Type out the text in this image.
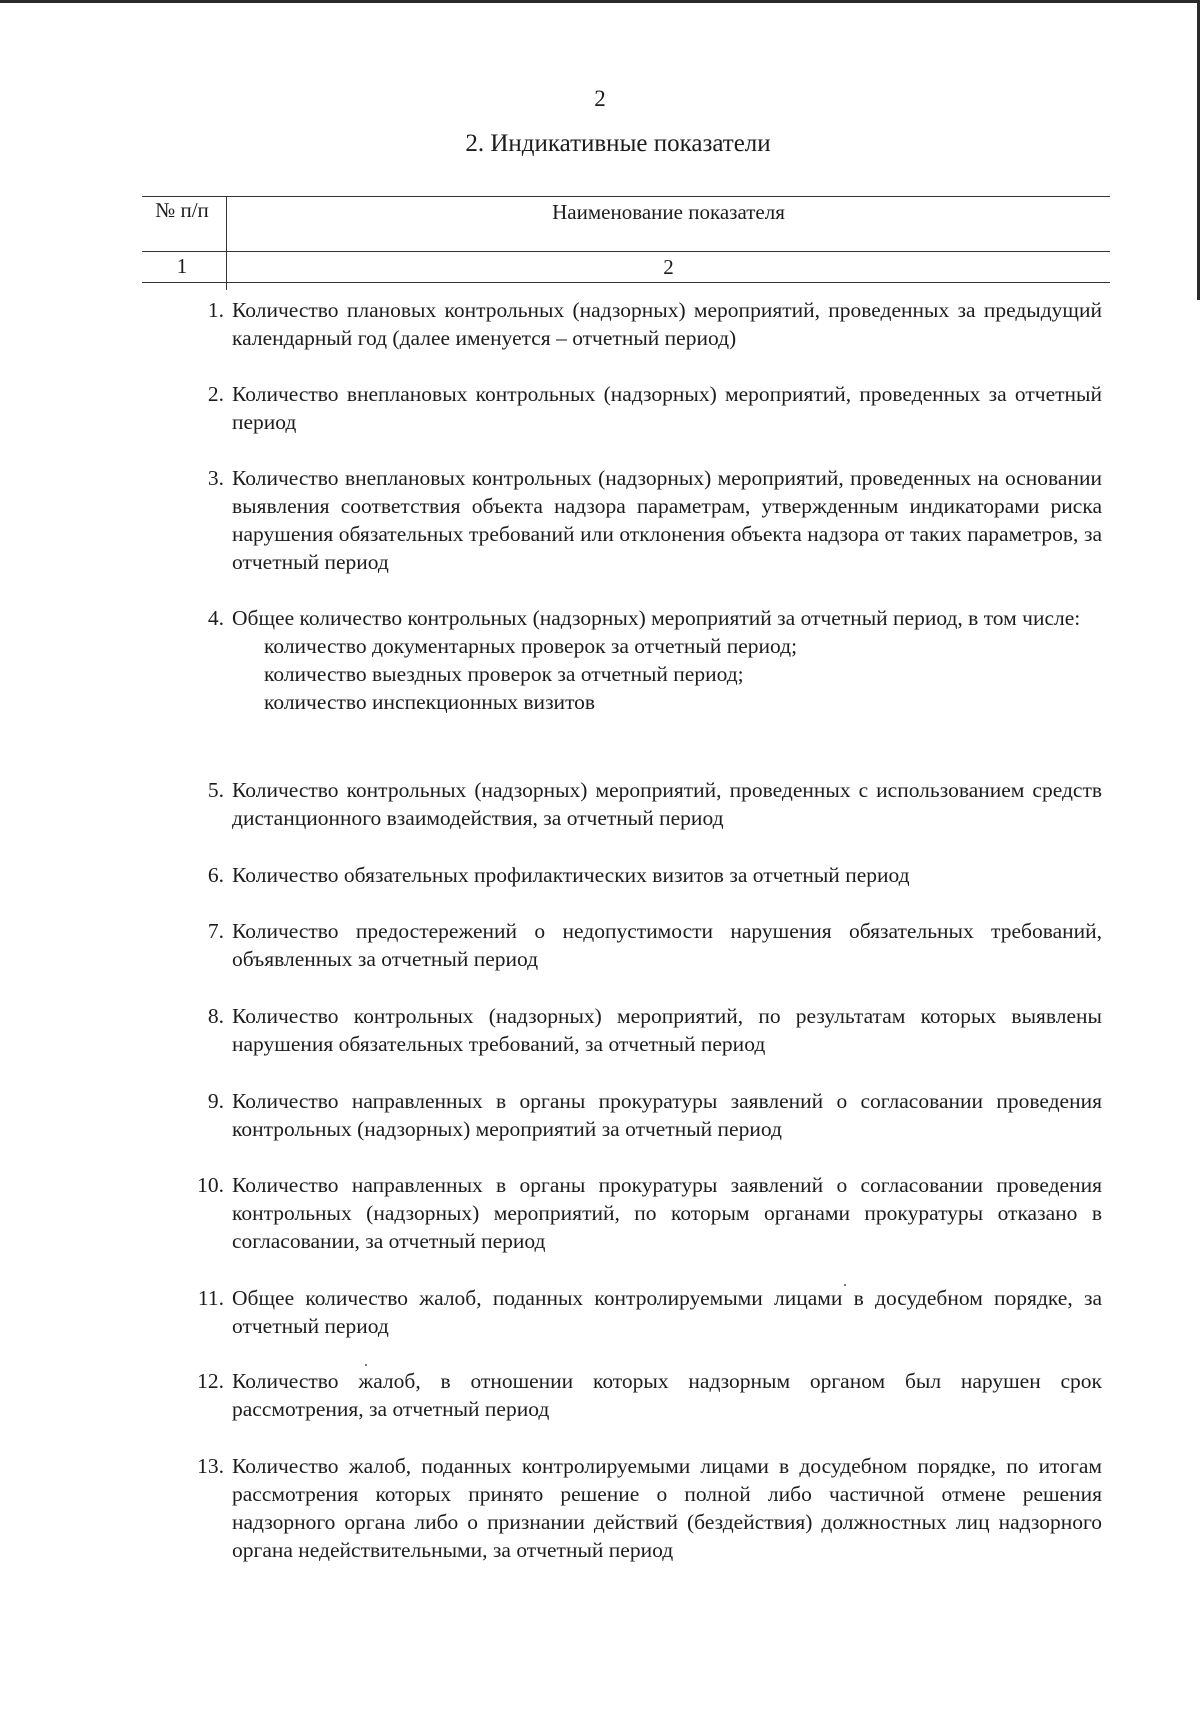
2
2. Индикативные показатели
№ п/п	Наименование показателя
1	2
1. Количество плановых контрольных (надзорных) мероприятий, проведенных за предыдущий календарный год (далее именуется – отчетный период)
2. Количество внеплановых контрольных (надзорных) мероприятий, проведенных за отчетный период
3. Количество внеплановых контрольных (надзорных) мероприятий, проведенных на основании выявления соответствия объекта надзора параметрам, утвержденным индикаторами риска нарушения обязательных требований или отклонения объекта надзора от таких параметров, за отчетный период
4. Общее количество контрольных (надзорных) мероприятий за отчетный период, в том числе:
количество документарных проверок за отчетный период;
количество выездных проверок за отчетный период;
количество инспекционных визитов
5. Количество контрольных (надзорных) мероприятий, проведенных с использованием средств дистанционного взаимодействия, за отчетный период
6. Количество обязательных профилактических визитов за отчетный период
7. Количество предостережений о недопустимости нарушения обязательных требований, объявленных за отчетный период
8. Количество контрольных (надзорных) мероприятий, по результатам которых выявлены нарушения обязательных требований, за отчетный период
9. Количество направленных в органы прокуратуры заявлений о согласовании проведения контрольных (надзорных) мероприятий за отчетный период
10. Количество направленных в органы прокуратуры заявлений о согласовании проведения контрольных (надзорных) мероприятий, по которым органами прокуратуры отказано в согласовании, за отчетный период
11. Общее количество жалоб, поданных контролируемыми лицами в досудебном порядке, за отчетный период
12. Количество жалоб, в отношении которых надзорным органом был нарушен срок рассмотрения, за отчетный период
13. Количество жалоб, поданных контролируемыми лицами в досудебном порядке, по итогам рассмотрения которых принято решение о полной либо частичной отмене решения надзорного органа либо о признании действий (бездействия) должностных лиц надзорного органа недействительными, за отчетный период
